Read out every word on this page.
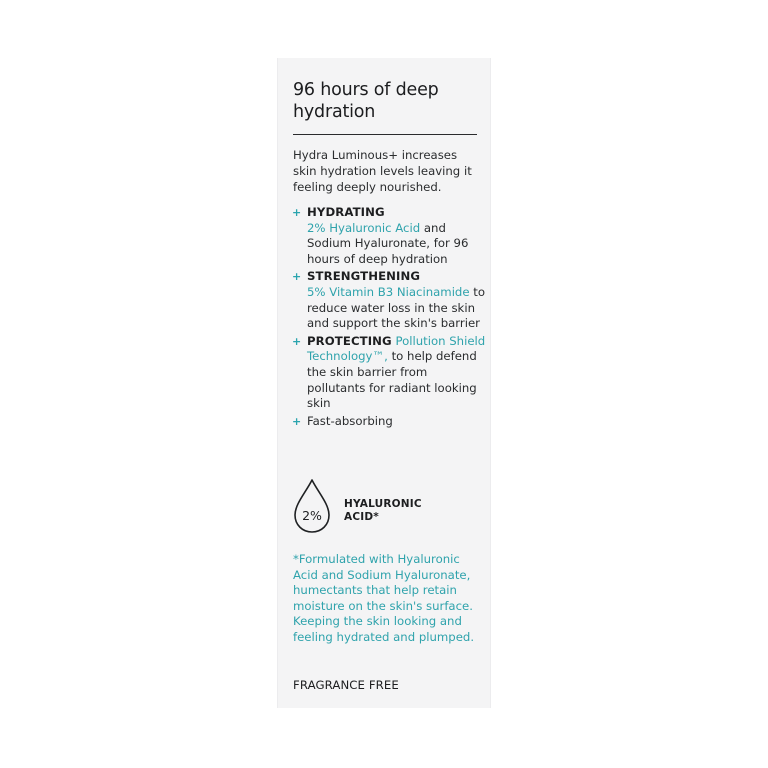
96 hours of deep hydration

Hydra Luminous+ increases skin hydration levels leaving it feeling deeply nourished.

+ HYDRATING
2% Hyaluronic Acid and Sodium Hyaluronate, for 96 hours of deep hydration
+ STRENGTHENING
5% Vitamin B3 Niacinamide to reduce water loss in the skin and support the skin's barrier
+ PROTECTING Pollution Shield Technology™, to help defend the skin barrier from pollutants for radiant looking skin
+ Fast-absorbing
2%
HYALURONIC
ACID*

*Formulated with Hyaluronic Acid and Sodium Hyaluronate, humectants that help retain moisture on the skin's surface. Keeping the skin looking and feeling hydrated and plumped.

FRAGRANCE FREE
